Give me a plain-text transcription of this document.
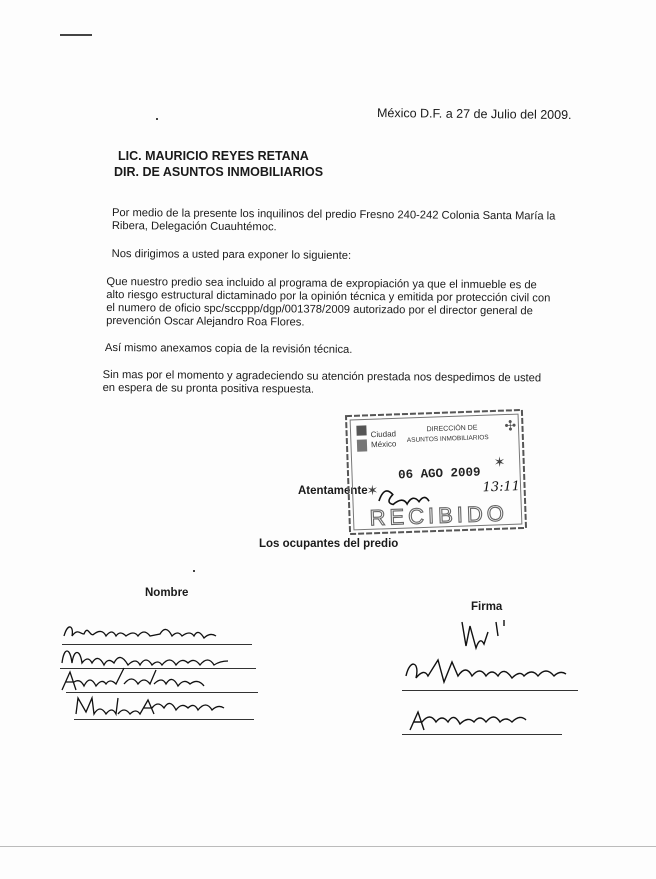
México D.F. a 27 de Julio del 2009.
LIC. MAURICIO REYES RETANA
DIR. DE ASUNTOS INMOBILIARIOS
Por medio de la presente los inquilinos del predio Fresno 240-242 Colonia Santa María la
Ribera, Delegación Cuauhtémoc.
Nos dirigimos a usted para exponer lo siguiente:
Que nuestro predio sea incluido al programa de expropiación ya que el inmueble es de
alto riesgo estructural dictaminado por la opinión técnica y emitida por protección civil con
el numero de oficio spc/sccppp/dgp/001378/2009 autorizado por el director general de
prevención Oscar Alejandro Roa Flores.
Así mismo anexamos copia de la revisión técnica.
Sin mas por el momento y agradeciendo su atención prestada nos despedimos de usted
en espera de su pronta positiva respuesta.
Atentamente
Ciudad
México
DIRECCIÓN DE
ASUNTOS INMOBILIARIOS
✣
06 AGO 2009
✶
✶	13:11
RECIBIDO
Los ocupantes del predio
Nombre
Firma
